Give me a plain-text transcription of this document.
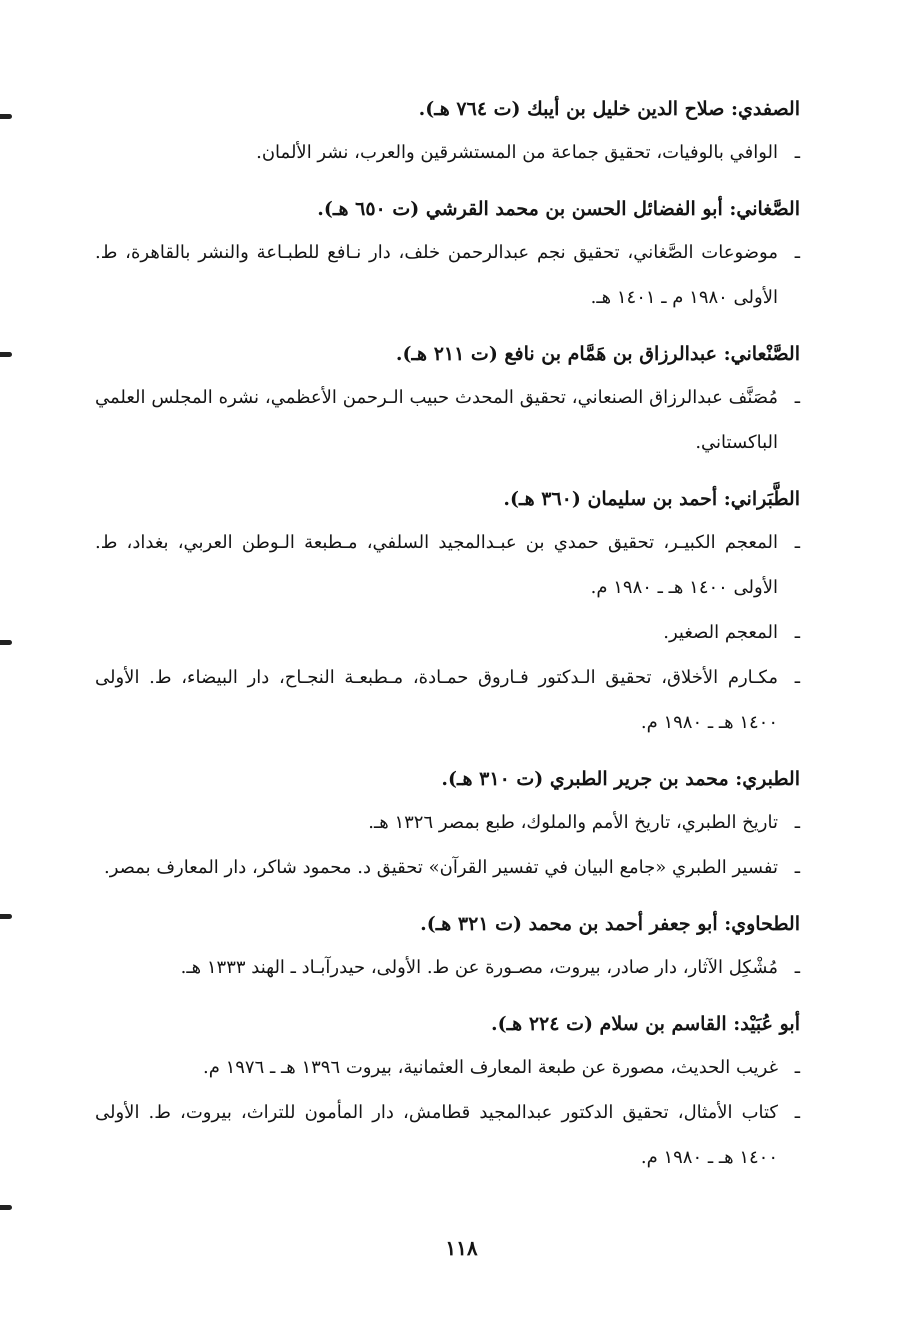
الصفدي: صلاح الدين خليل بن أيبك (ت ٧٦٤ هـ).
ـ
الوافي بالوفيات، تحقيق جماعة من المستشرقين والعرب، نشر الألمان.
الصَّغاني: أبو الفضائل الحسن بن محمد القرشي (ت ٦٥٠ هـ).
ـ
موضوعات الصَّغاني، تحقيق نجم عبدالرحمن خلف، دار نـافع للطبـاعة والنشر بالقاهرة، ط. الأولى ١٩٨٠ م ـ ١٤٠١ هـ.
الصَّنْعاني: عبدالرزاق بن هَمَّام بن نافع (ت ٢١١ هـ).
ـ
مُصَنَّف عبدالرزاق الصنعاني، تحقيق المحدث حبيب الـرحمن الأعظمي، نشره المجلس العلمي الباكستاني.
الطَّبَراني: أحمد بن سليمان (٣٦٠ هـ).
ـ
المعجم الكبيـر، تحقيق حمدي بن عبـدالمجيد السلفي، مـطبعة الـوطن العربي، بغداد، ط. الأولى ١٤٠٠ هـ ـ ١٩٨٠ م.
ـ
المعجم الصغير.
ـ
مكـارم الأخلاق، تحقيق الـدكتور فـاروق حمـادة، مـطبعـة النجـاح، دار البيضاء، ط. الأولى ١٤٠٠ هـ ـ ١٩٨٠ م.
الطبري: محمد بن جرير الطبري (ت ٣١٠ هـ).
ـ
تاريخ الطبري، تاريخ الأمم والملوك، طبع بمصر ١٣٢٦ هـ.
ـ
تفسير الطبري «جامع البيان في تفسير القرآن» تحقيق د. محمود شاكر، دار المعارف بمصر.
الطحاوي: أبو جعفر أحمد بن محمد (ت ٣٢١ هـ).
ـ
مُشْكِل الآثار، دار صادر، بيروت، مصـورة عن ط. الأولى، حيدرآبـاد ـ الهند ١٣٣٣ هـ.
أبو عُبَيْد: القاسم بن سلام (ت ٢٢٤ هـ).
ـ
غريب الحديث، مصورة عن طبعة المعارف العثمانية، بيروت ١٣٩٦ هـ ـ ١٩٧٦ م.
ـ
كتاب الأمثال، تحقيق الدكتور عبدالمجيد قطامش، دار المأمون للتراث، بيروت، ط. الأولى ١٤٠٠ هـ ـ ١٩٨٠ م.
١١٨
